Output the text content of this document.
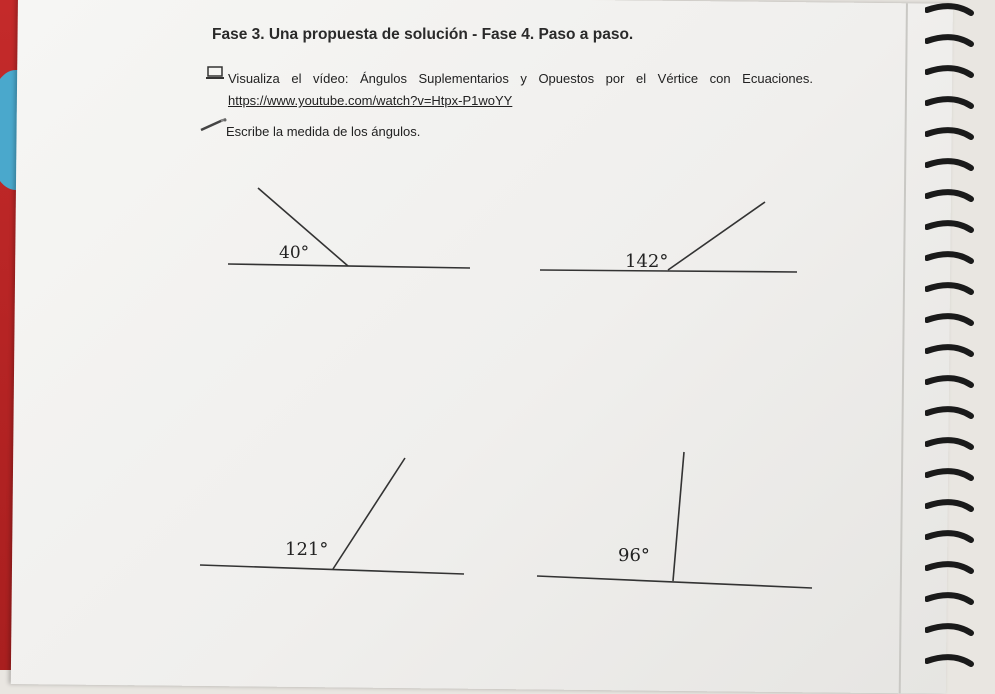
Fase 3. Una propuesta de solución - Fase 4. Paso a paso.
Visualiza el vídeo: Ángulos Suplementarios y Opuestos por el Vértice con Ecuaciones. https://www.youtube.com/watch?v=Htpx-P1woYY
Escribe la medida de los ángulos.
40°	142°
121°	96°
